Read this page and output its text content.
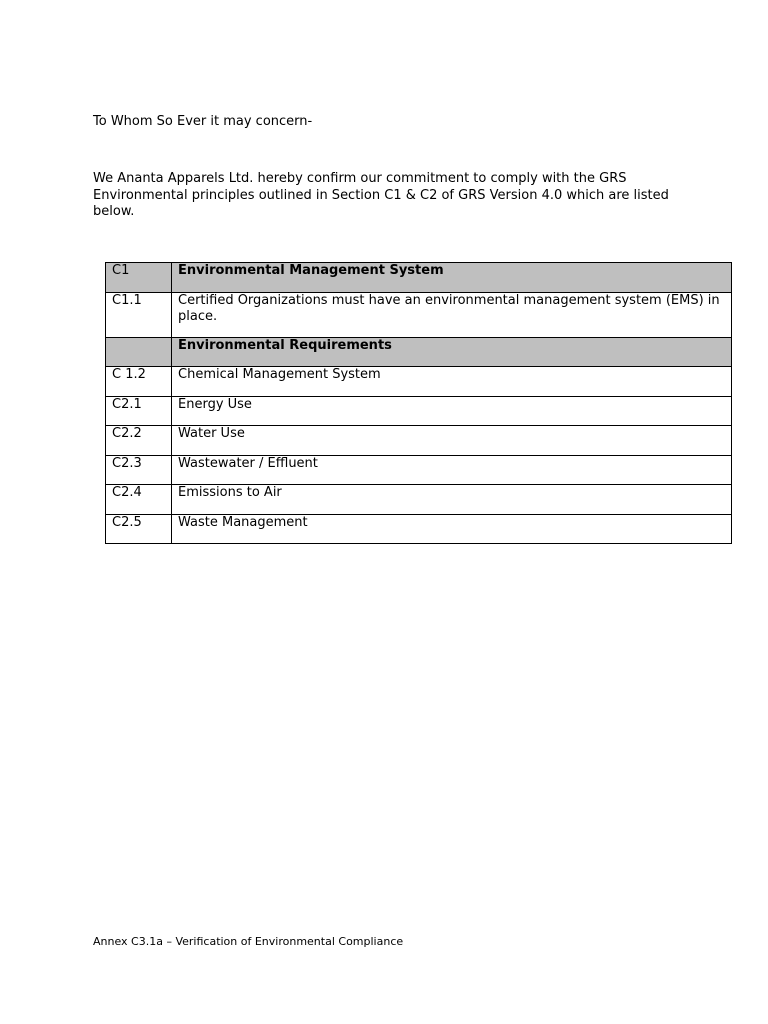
To Whom So Ever it may concern-

We Ananta Apparels Ltd. hereby confirm our commitment to comply with the GRS
Environmental principles outlined in Section C1 & C2 of GRS Version 4.0 which are listed
below.

C1	Environmental Management System
C1.1	Certified Organizations must have an environmental management system (EMS) in
place.
	Environmental Requirements
C 1.2	Chemical Management System
C2.1	Energy Use
C2.2	Water Use
C2.3	Wastewater / Effluent
C2.4	Emissions to Air
C2.5	Waste Management

Annex C3.1a – Verification of Environmental Compliance
